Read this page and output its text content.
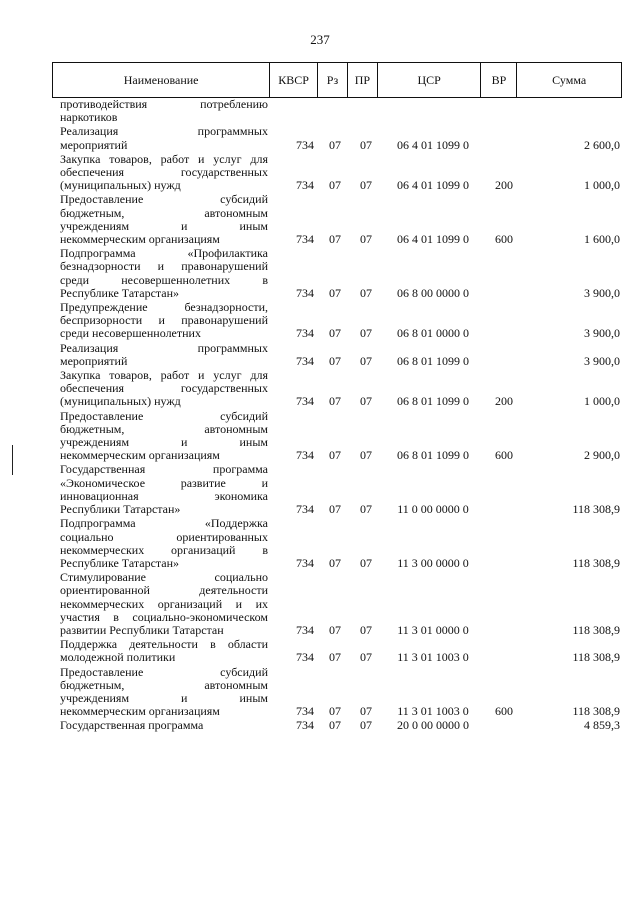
237
Наименование	КВСР	Рз	ПР	ЦСР	ВР	Сумма
противодействия потреблению
наркотиков
Реализация программных
мероприятий	734	07	07	06 4 01 1099 0	2 600,0
Закупка товаров, работ и услуг для
обеспечения государственных
(муниципальных) нужд	734	07	07	06 4 01 1099 0	200	1 000,0
Предоставление субсидий
бюджетным, автономным
учреждениям и иным
некоммерческим организациям	734	07	07	06 4 01 1099 0	600	1 600,0
Подпрограмма «Профилактика
безнадзорности и правонарушений
среди несовершеннолетних в
Республике Татарстан»	734	07	07	06 8 00 0000 0	3 900,0
Предупреждение безнадзорности,
беспризорности и правонарушений
среди несовершеннолетних	734	07	07	06 8 01 0000 0	3 900,0
Реализация программных
мероприятий	734	07	07	06 8 01 1099 0	3 900,0
Закупка товаров, работ и услуг для
обеспечения государственных
(муниципальных) нужд	734	07	07	06 8 01 1099 0	200	1 000,0
Предоставление субсидий
бюджетным, автономным
учреждениям и иным
некоммерческим организациям	734	07	07	06 8 01 1099 0	600	2 900,0
Государственная программа
«Экономическое развитие и
инновационная экономика
Республики Татарстан»	734	07	07	11 0 00 0000 0	118 308,9
Подпрограмма «Поддержка
социально ориентированных
некоммерческих организаций в
Республике Татарстан»	734	07	07	11 3 00 0000 0	118 308,9
Стимулирование социально
ориентированной деятельности
некоммерческих организаций и их
участия в социально-экономическом
развитии Республики Татарстан	734	07	07	11 3 01 0000 0	118 308,9
Поддержка деятельности в области
молодежной политики	734	07	07	11 3 01 1003 0	118 308,9
Предоставление субсидий
бюджетным, автономным
учреждениям и иным
некоммерческим организациям	734	07	07	11 3 01 1003 0	600	118 308,9
Государственная программа	734	07	07	20 0 00 0000 0	4 859,3
